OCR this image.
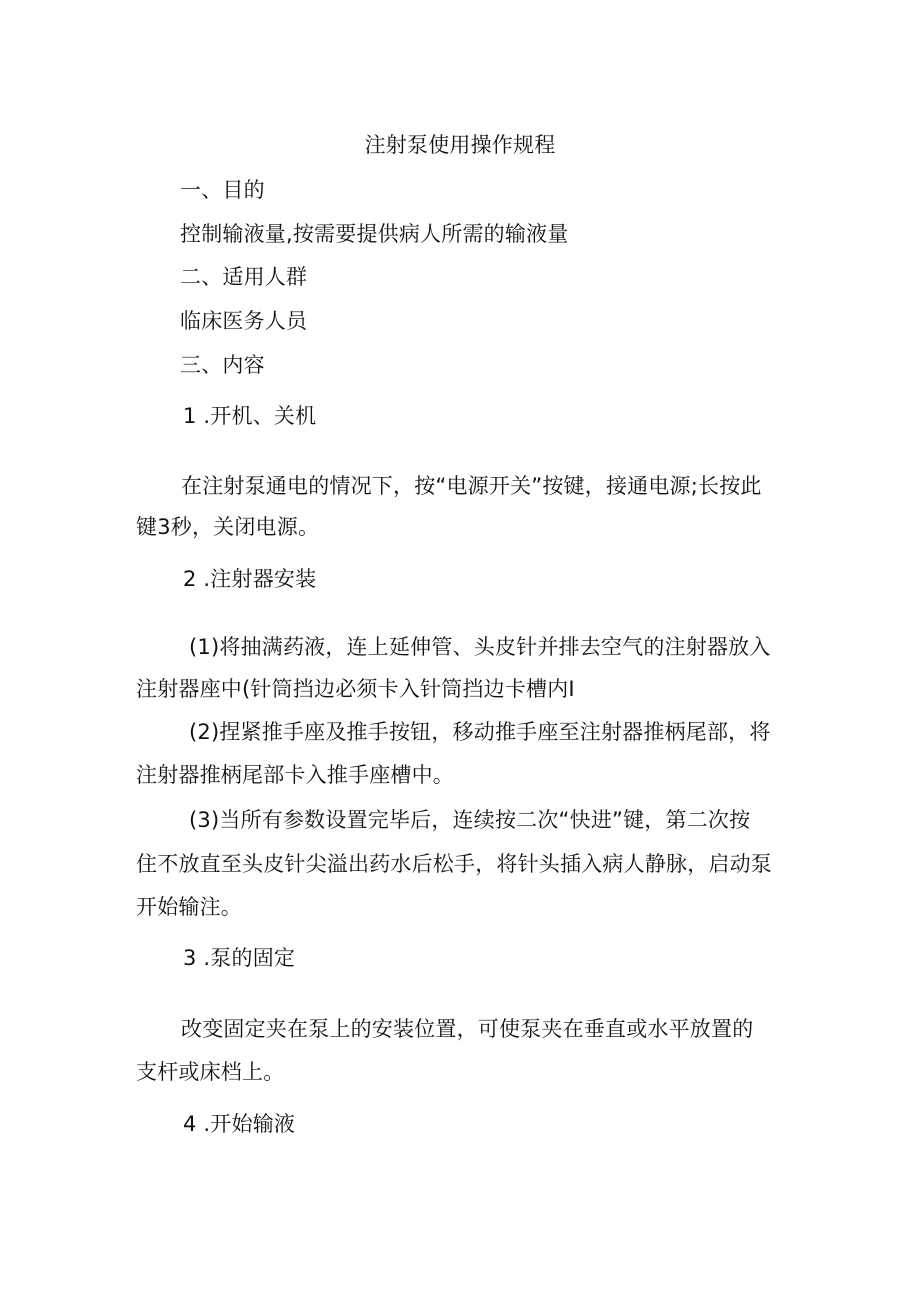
注射泵使用操作规程
一、目的
控制输液量,按需要提供病人所需的输液量
二、适用人群
临床医务人员
三、内容
1 .开机、关机
在注射泵通电的情况下，按“电源开关”按键，接通电源;长按此
键3秒，关闭电源。
2 .注射器安装
(1)将抽满药液，连上延伸管、头皮针并排去空气的注射器放入
注射器座中(针筒挡边必须卡入针筒挡边卡槽内I
(2)捏紧推手座及推手按钮，移动推手座至注射器推柄尾部，将
注射器推柄尾部卡入推手座槽中。
(3)当所有参数设置完毕后，连续按二次“快进”键，第二次按
住不放直至头皮针尖溢出药水后松手，将针头插入病人静脉，启动泵
开始输注。
3 .泵的固定
改变固定夹在泵上的安装位置，可使泵夹在垂直或水平放置的
支杆或床档上。
4 .开始输液
